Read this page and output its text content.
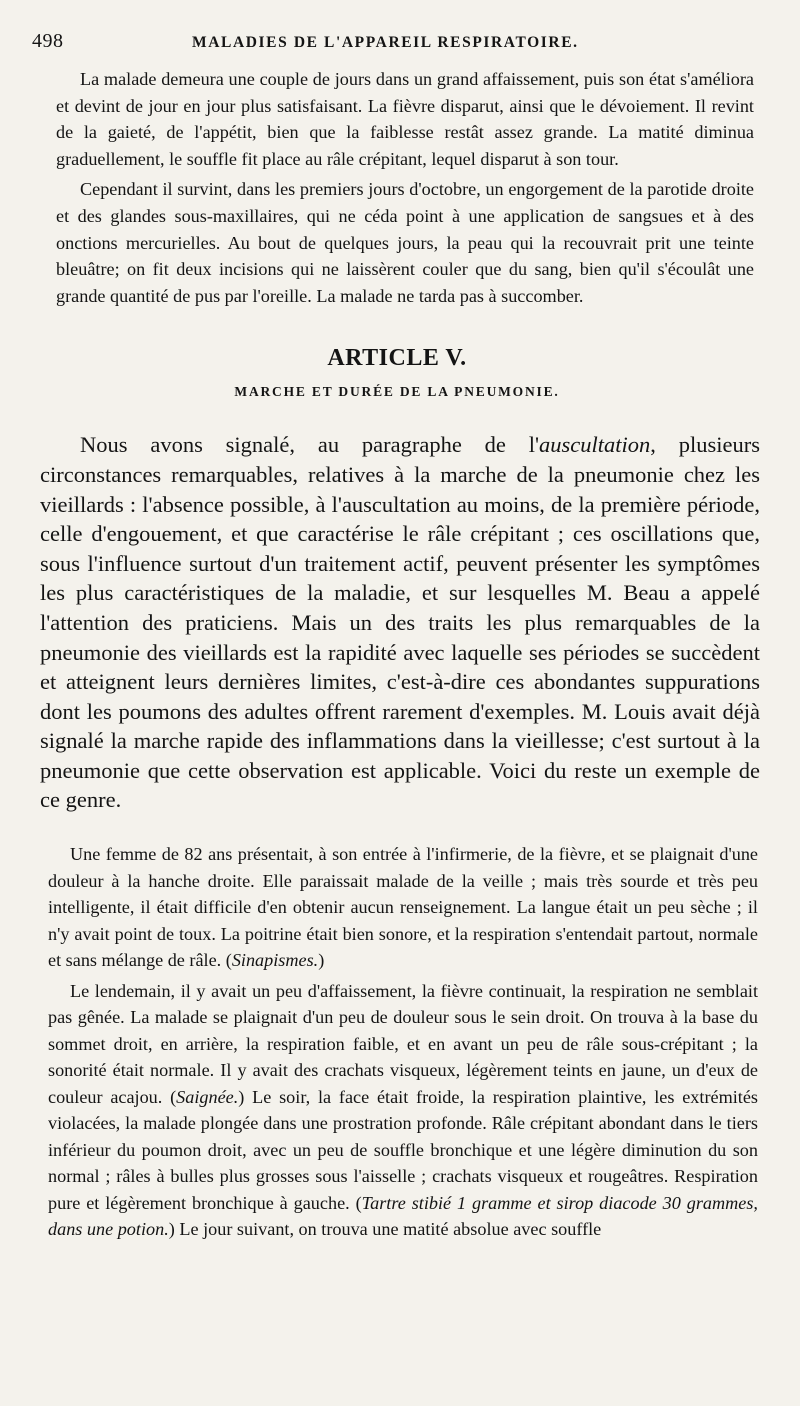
498	MALADIES DE L'APPAREIL RESPIRATOIRE.

La malade demeura une couple de jours dans un grand affaissement, puis son état s'améliora et devint de jour en jour plus satisfaisant. La fièvre disparut, ainsi que le dévoiement. Il revint de la gaieté, de l'appétit, bien que la faiblesse restât assez grande. La matité diminua graduellement, le souffle fit place au râle crépitant, lequel disparut à son tour.

Cependant il survint, dans les premiers jours d'octobre, un engorgement de la parotide droite et des glandes sous-maxillaires, qui ne céda point à une application de sangsues et à des onctions mercurielles. Au bout de quelques jours, la peau qui la recouvrait prit une teinte bleuâtre; on fit deux incisions qui ne laissèrent couler que du sang, bien qu'il s'écoulât une grande quantité de pus par l'oreille. La malade ne tarda pas à succomber.

ARTICLE V.
MARCHE ET DURÉE DE LA PNEUMONIE.

Nous avons signalé, au paragraphe de l'auscultation, plusieurs circonstances remarquables, relatives à la marche de la pneumonie chez les vieillards : l'absence possible, à l'auscultation au moins, de la première période, celle d'engouement, et que caractérise le râle crépitant ; ces oscillations que, sous l'influence surtout d'un traitement actif, peuvent présenter les symptômes les plus caractéristiques de la maladie, et sur lesquelles M. Beau a appelé l'attention des praticiens. Mais un des traits les plus remarquables de la pneumonie des vieillards est la rapidité avec laquelle ses périodes se succèdent et atteignent leurs dernières limites, c'est-à-dire ces abondantes suppurations dont les poumons des adultes offrent rarement d'exemples. M. Louis avait déjà signalé la marche rapide des inflammations dans la vieillesse; c'est surtout à la pneumonie que cette observation est applicable. Voici du reste un exemple de ce genre.

Une femme de 82 ans présentait, à son entrée à l'infirmerie, de la fièvre, et se plaignait d'une douleur à la hanche droite. Elle paraissait malade de la veille ; mais très sourde et très peu intelligente, il était difficile d'en obtenir aucun renseignement. La langue était un peu sèche ; il n'y avait point de toux. La poitrine était bien sonore, et la respiration s'entendait partout, normale et sans mélange de râle. (Sinapismes.)

Le lendemain, il y avait un peu d'affaissement, la fièvre continuait, la respiration ne semblait pas gênée. La malade se plaignait d'un peu de douleur sous le sein droit. On trouva à la base du sommet droit, en arrière, la respiration faible, et en avant un peu de râle sous-crépitant ; la sonorité était normale. Il y avait des crachats visqueux, légèrement teints en jaune, un d'eux de couleur acajou. (Saignée.) Le soir, la face était froide, la respiration plaintive, les extrémités violacées, la malade plongée dans une prostration profonde. Râle crépitant abondant dans le tiers inférieur du poumon droit, avec un peu de souffle bronchique et une légère diminution du son normal ; râles à bulles plus grosses sous l'aisselle ; crachats visqueux et rougeâtres. Respiration pure et légèrement bronchique à gauche. (Tartre stibié 1 gramme et sirop diacode 30 grammes, dans une potion.) Le jour suivant, on trouva une matité absolue avec souffle
